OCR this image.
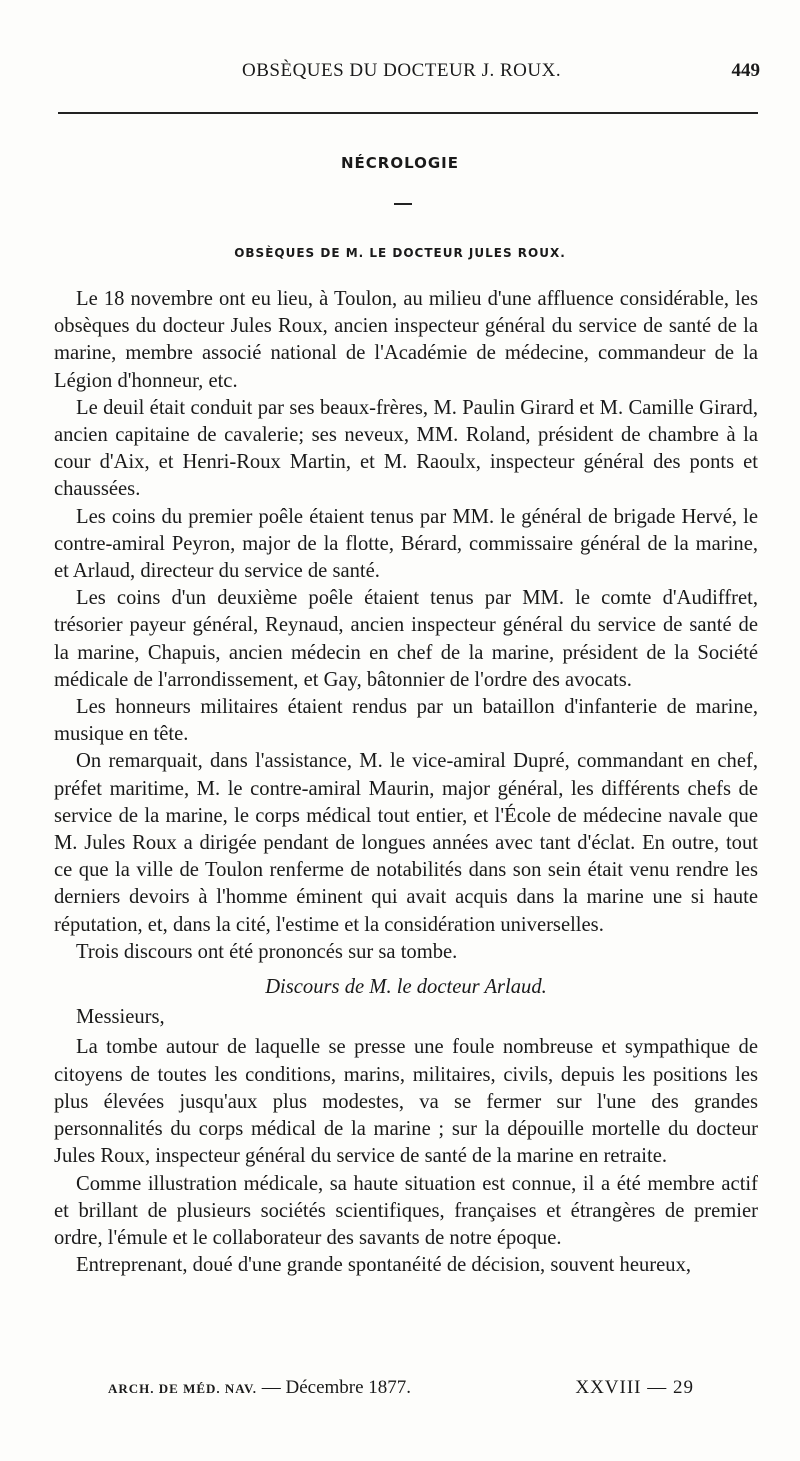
OBSÈQUES DU DOCTEUR J. ROUX.	449
NÉCROLOGIE
OBSÈQUES DE M. LE DOCTEUR JULES ROUX.

Le 18 novembre ont eu lieu, à Toulon, au milieu d'une affluence considérable, les obsèques du docteur Jules Roux, ancien inspecteur général du service de santé de la marine, membre associé national de l'Académie de médecine, commandeur de la Légion d'honneur, etc.

Le deuil était conduit par ses beaux-frères, M. Paulin Girard et M. Camille Girard, ancien capitaine de cavalerie; ses neveux, MM. Roland, président de chambre à la cour d'Aix, et Henri-Roux Martin, et M. Raoulx, inspecteur général des ponts et chaussées.

Les coins du premier poêle étaient tenus par MM. le général de brigade Hervé, le contre-amiral Peyron, major de la flotte, Bérard, commissaire général de la marine, et Arlaud, directeur du service de santé.

Les coins d'un deuxième poêle étaient tenus par MM. le comte d'Audiffret, trésorier payeur général, Reynaud, ancien inspecteur général du service de santé de la marine, Chapuis, ancien médecin en chef de la marine, président de la Société médicale de l'arrondissement, et Gay, bâtonnier de l'ordre des avocats.

Les honneurs militaires étaient rendus par un bataillon d'infanterie de marine, musique en tête.

On remarquait, dans l'assistance, M. le vice-amiral Dupré, commandant en chef, préfet maritime, M. le contre-amiral Maurin, major général, les différents chefs de service de la marine, le corps médical tout entier, et l'École de médecine navale que M. Jules Roux a dirigée pendant de longues années avec tant d'éclat. En outre, tout ce que la ville de Toulon renferme de notabilités dans son sein était venu rendre les derniers devoirs à l'homme éminent qui avait acquis dans la marine une si haute réputation, et, dans la cité, l'estime et la considération universelles.

Trois discours ont été prononcés sur sa tombe.

Discours de M. le docteur Arlaud.

Messieurs,

La tombe autour de laquelle se presse une foule nombreuse et sympathique de citoyens de toutes les conditions, marins, militaires, civils, depuis les positions les plus élevées jusqu'aux plus modestes, va se fermer sur l'une des grandes personnalités du corps médical de la marine ; sur la dépouille mortelle du docteur Jules Roux, inspecteur général du service de santé de la marine en retraite.

Comme illustration médicale, sa haute situation est connue, il a été membre actif et brillant de plusieurs sociétés scientifiques, françaises et étrangères de premier ordre, l'émule et le collaborateur des savants de notre époque.

Entreprenant, doué d'une grande spontanéité de décision, souvent heureux,

ARCH. DE MÉD. NAV. — Décembre 1877.	XXVIII — 29
